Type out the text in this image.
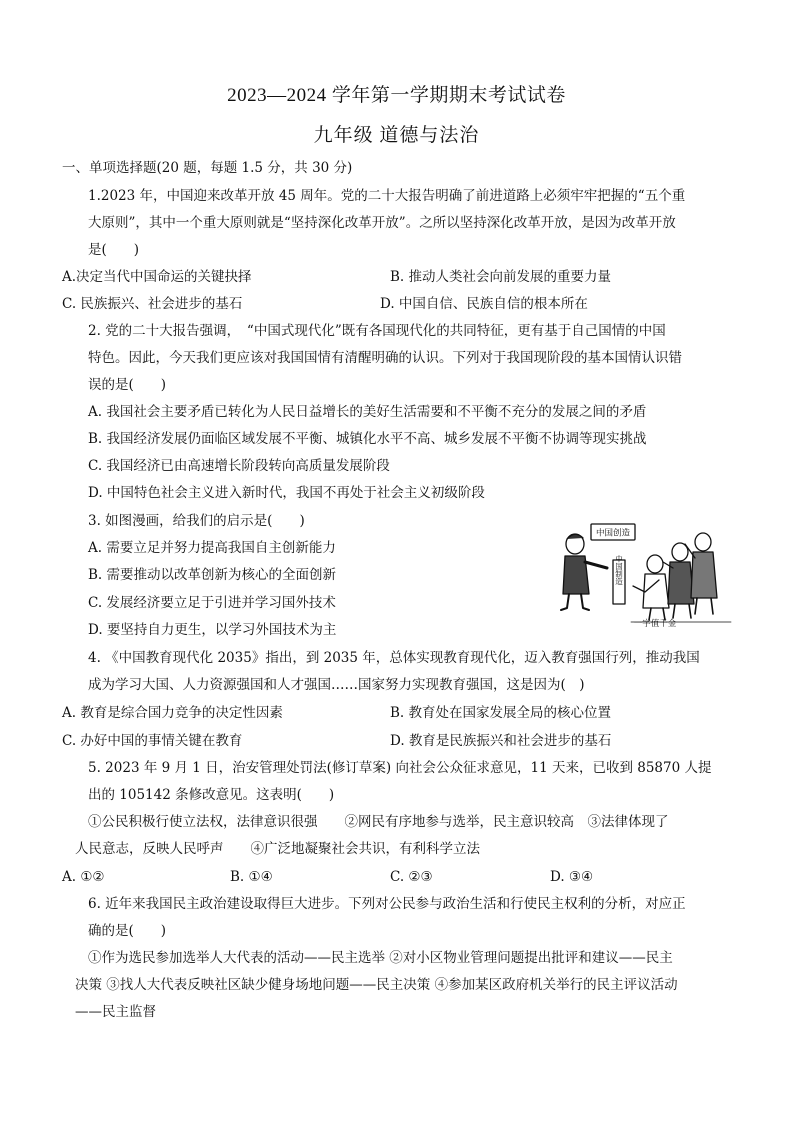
2023—2024 学年第一学期期末考试试卷
九年级 道德与法治
一、单项选择题(20 题，每题 1.5 分，共 30 分)
1.2023 年，中国迎来改革开放 45 周年。党的二十大报告明确了前进道路上必须牢牢把握的“五个重
大原则”，其中一个重大原则就是“坚持深化改革开放”。之所以坚持深化改革开放，是因为改革开放
是(　　)
A.决定当代中国命运的关键抉择	B. 推动人类社会向前发展的重要力量
C. 民族振兴、社会进步的基石	D. 中国自信、民族自信的根本所在
2. 党的二十大报告强调，　“中国式现代化”既有各国现代化的共同特征，更有基于自己国情的中国
特色。因此，今天我们更应该对我国国情有清醒明确的认识。下列对于我国现阶段的基本国情认识错
误的是(　　)
A. 我国社会主要矛盾已转化为人民日益增长的美好生活需要和不平衡不充分的发展之间的矛盾
B. 我国经济发展仍面临区域发展不平衡、城镇化水平不高、城乡发展不平衡不协调等现实挑战
C. 我国经济已由高速增长阶段转向高质量发展阶段
D. 中国特色社会主义进入新时代，我国不再处于社会主义初级阶段
3. 如图漫画，给我们的启示是(　　)
A. 需要立足并努力提高我国自主创新能力
B. 需要推动以改革创新为核心的全面创新
C. 发展经济要立足于引进并学习国外技术
D. 要坚持自力更生，以学习外国技术为主
中国创造
中国制造
一字值千金
4. 《中国教育现代化 2035》指出，到 2035 年，总体实现教育现代化，迈入教育强国行列，推动我国
成为学习大国、人力资源强国和人才强国……国家努力实现教育强国，这是因为(　)
A. 教育是综合国力竞争的决定性因素	B. 教育处在国家发展全局的核心位置
C. 办好中国的事情关键在教育	D. 教育是民族振兴和社会进步的基石
5. 2023 年 9 月 1 日，治安管理处罚法(修订草案) 向社会公众征求意见，11 天来，已收到 85870 人提
出的 105142 条修改意见。这表明(　　)
①公民积极行使立法权，法律意识很强　　②网民有序地参与选举，民主意识较高　③法律体现了
人民意志，反映人民呼声　　④广泛地凝聚社会共识，有利科学立法
A. ①②	B. ①④	C. ②③	D. ③④
6. 近年来我国民主政治建设取得巨大进步。下列对公民参与政治生活和行使民主权利的分析，对应正
确的是(　　)
①作为选民参加选举人大代表的活动——民主选举 ②对小区物业管理问题提出批评和建议——民主
决策 ③找人大代表反映社区缺少健身场地问题——民主决策 ④参加某区政府机关举行的民主评议活动
——民主监督
